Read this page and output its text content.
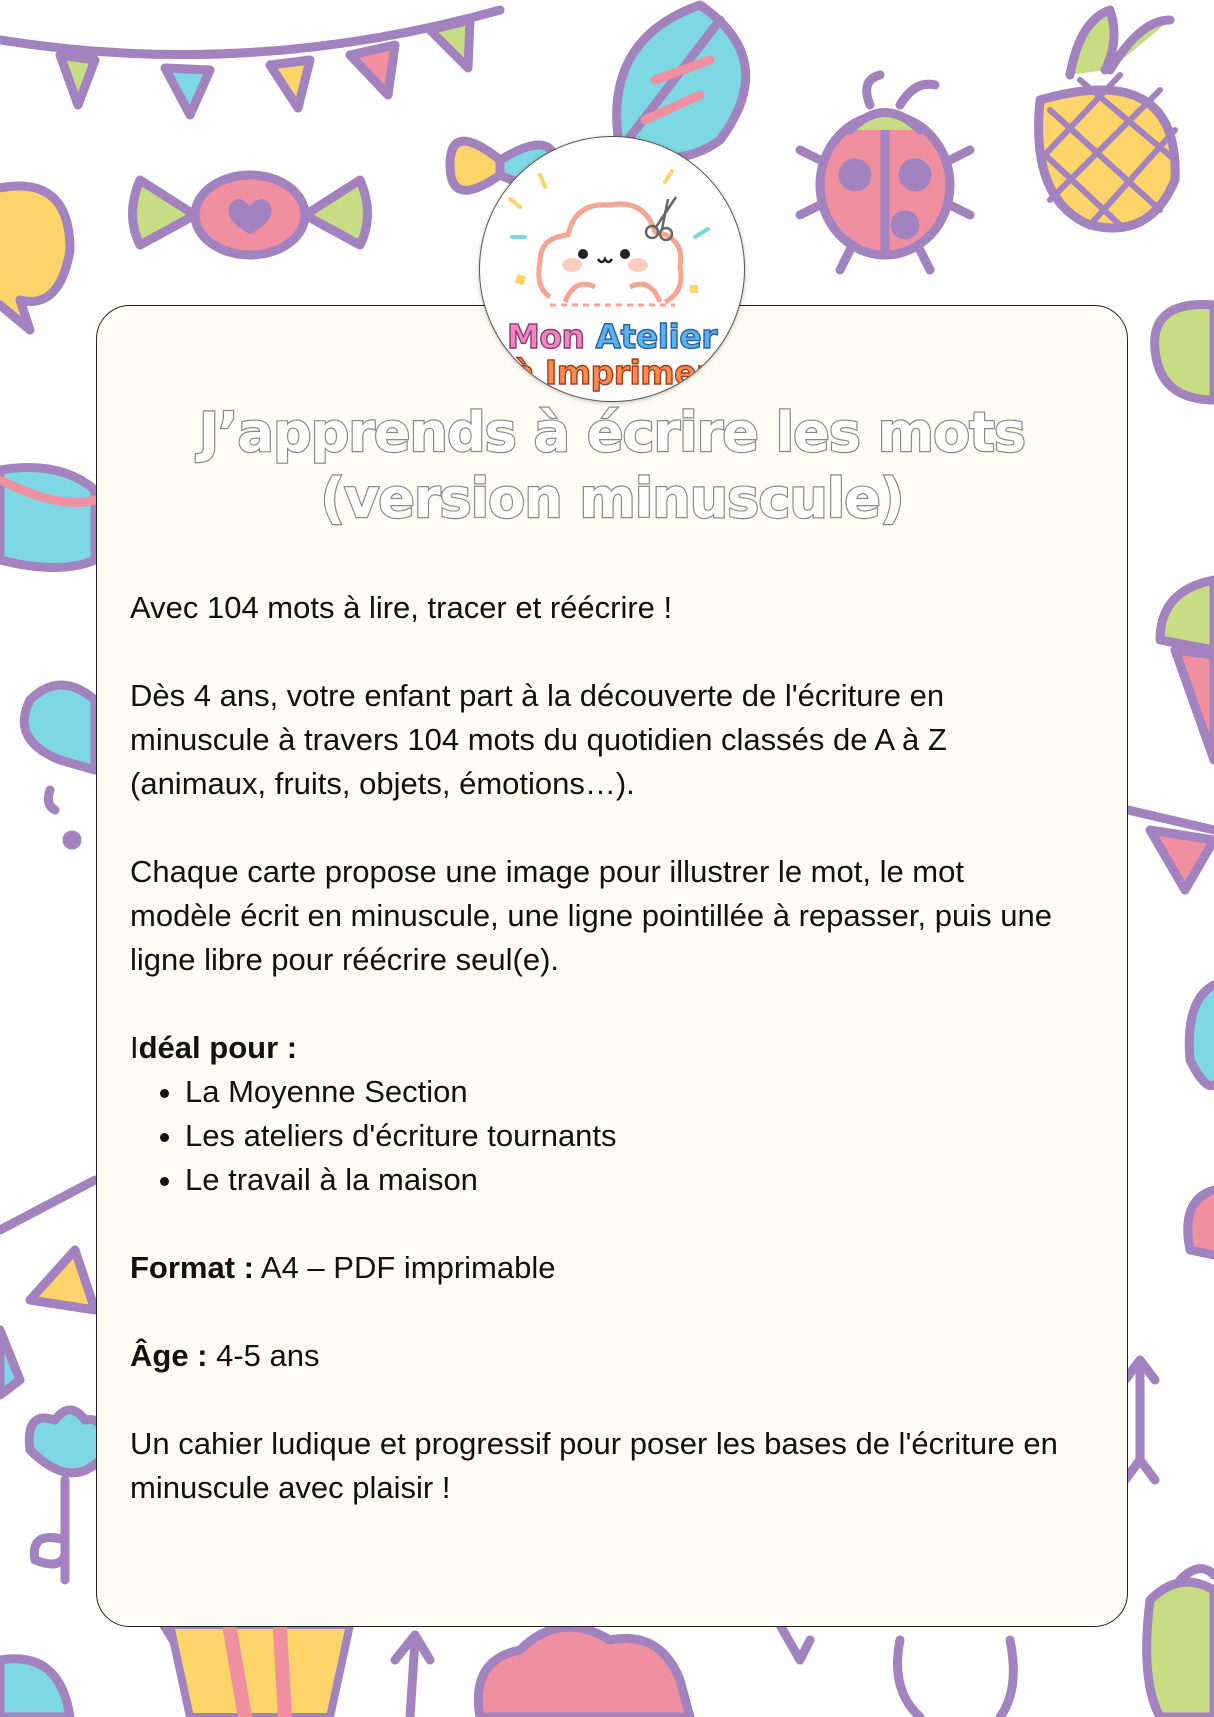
Mon Atelier
à Imprimer
J’apprends à écrire les mots
(version minuscule)

Avec 104 mots à lire, tracer et réécrire !

Dès 4 ans, votre enfant part à la découverte de l'écriture en minuscule à travers 104 mots du quotidien classés de A à Z (animaux, fruits, objets, émotions…).

Chaque carte propose une image pour illustrer le mot, le mot modèle écrit en minuscule, une ligne pointillée à repasser, puis une ligne libre pour réécrire seul(e).

Idéal pour :

• La Moyenne Section
• Les ateliers d'écriture tournants
• Le travail à la maison

Format : A4 – PDF imprimable

Âge : 4-5 ans

Un cahier ludique et progressif pour poser les bases de l'écriture en minuscule avec plaisir !
